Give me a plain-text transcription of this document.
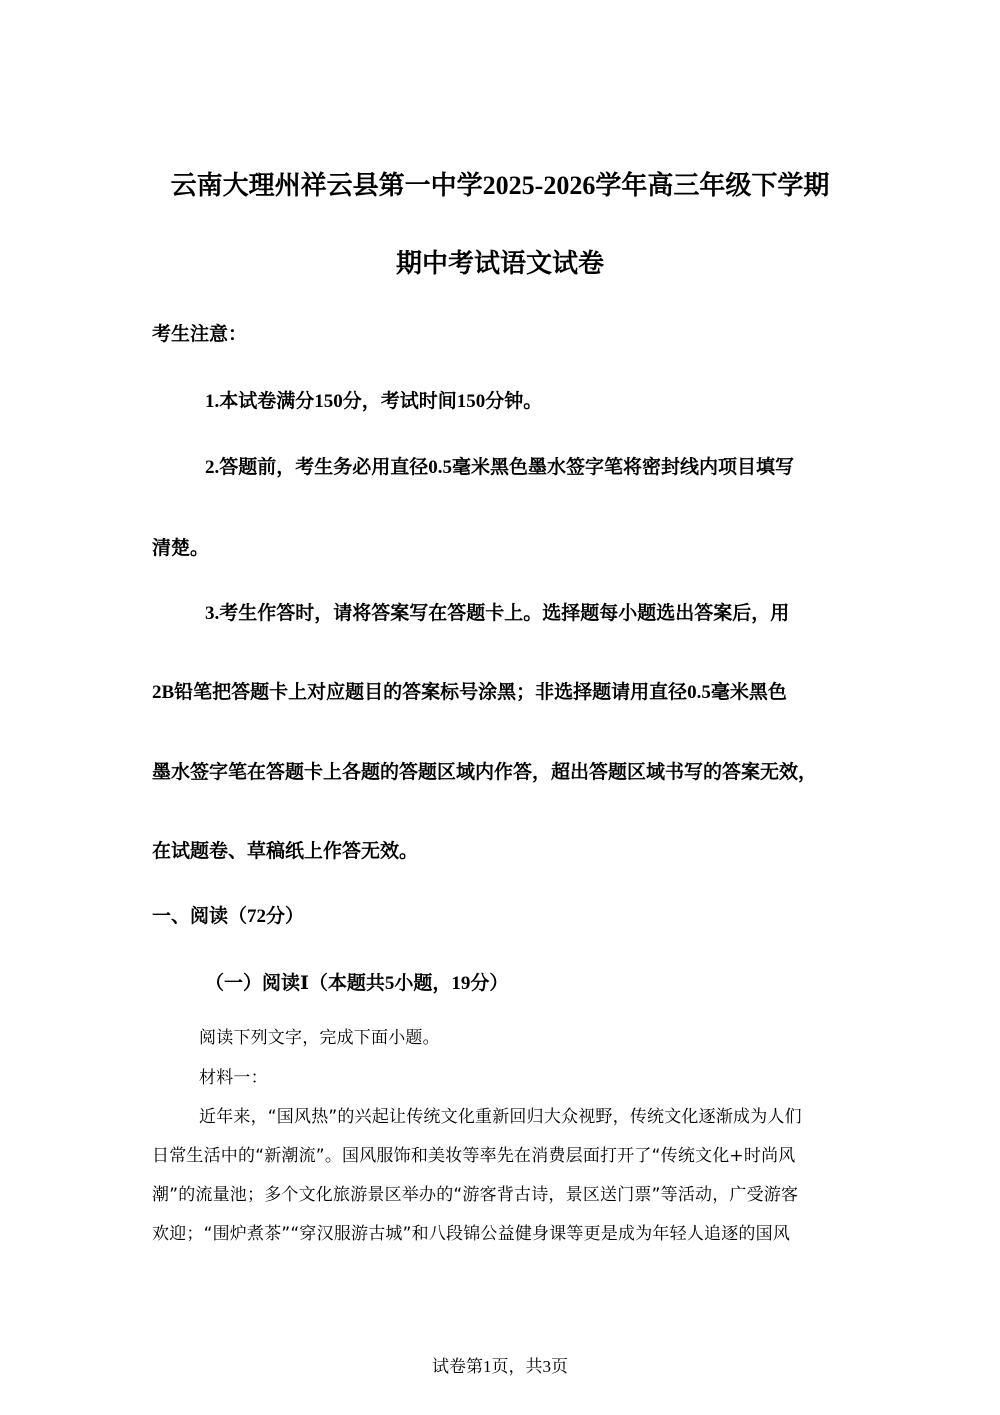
云南大理州祥云县第一中学2025-2026学年高三年级下学期
期中考试语文试卷
考生注意：
1.本试卷满分150分，考试时间150分钟。
2.答题前，考生务必用直径0.5毫米黑色墨水签字笔将密封线内项目填写
清楚。
3.考生作答时，请将答案写在答题卡上。选择题每小题选出答案后，用
2B铅笔把答题卡上对应题目的答案标号涂黑；非选择题请用直径0.5毫米黑色
墨水签字笔在答题卡上各题的答题区域内作答，超出答题区域书写的答案无效，
在试题卷、草稿纸上作答无效。
一、阅读（72分）
（一）阅读Ⅰ（本题共5小题，19分）
阅读下列文字，完成下面小题。
材料一：
近年来，“国风热”的兴起让传统文化重新回归大众视野，传统文化逐渐成为人们
日常生活中的“新潮流”。国风服饰和美妆等率先在消费层面打开了“传统文化+时尚风
潮”的流量池；多个文化旅游景区举办的“游客背古诗，景区送门票”等活动，广受游客
欢迎；“围炉煮茶”“穿汉服游古城”和八段锦公益健身课等更是成为年轻人追逐的国风
试卷第1页，共3页
